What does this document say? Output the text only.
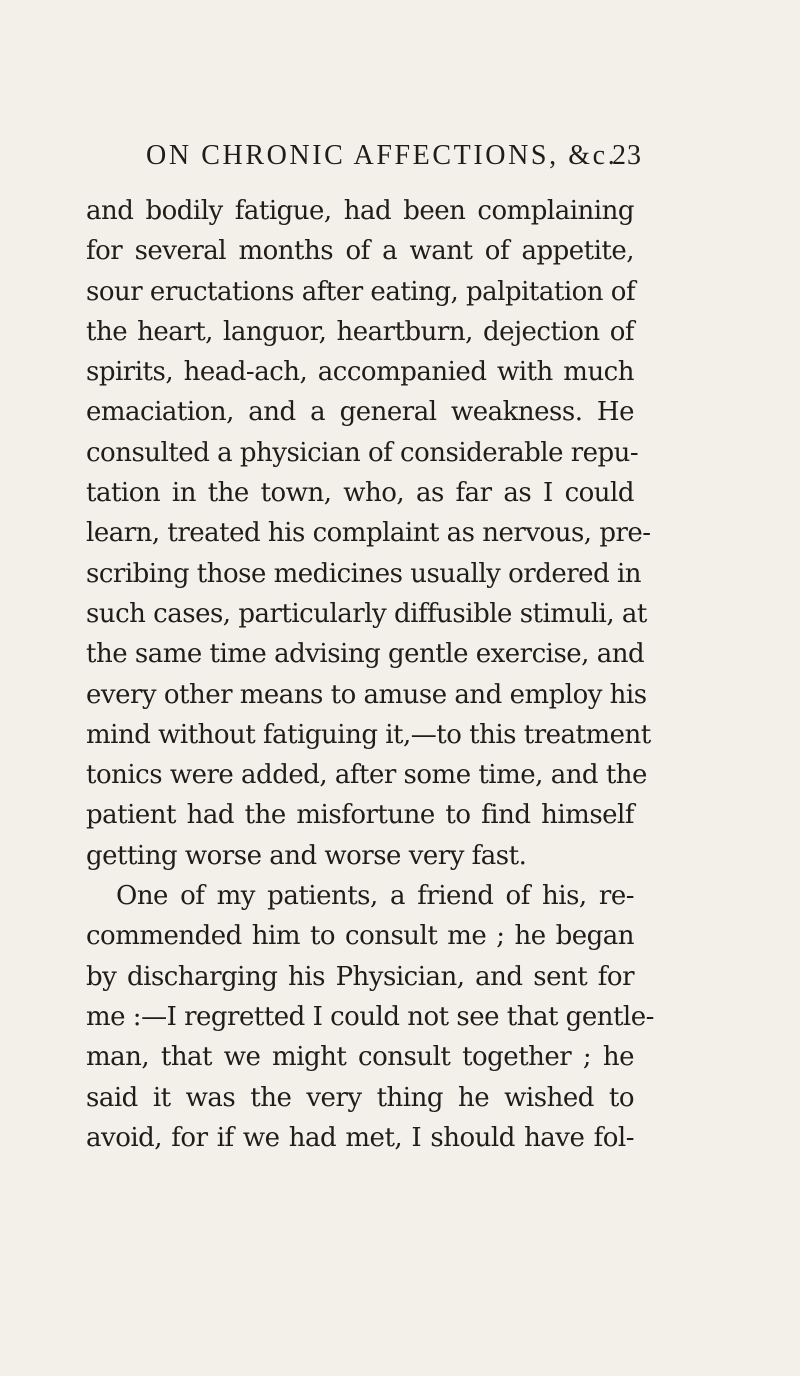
ON CHRONIC AFFECTIONS, &c.
23
and bodily fatigue, had been complaining
for several months of a want of appetite,
sour eructations after eating, palpitation of
the heart, languor, heartburn, dejection of
spirits, head-ach, accompanied with much
emaciation, and a general weakness. He
consulted a physician of considerable repu-
tation in the town, who, as far as I could
learn, treated his complaint as nervous, pre-
scribing those medicines usually ordered in
such cases, particularly diffusible stimuli, at
the same time advising gentle exercise, and
every other means to amuse and employ his
mind without fatiguing it,—to this treatment
tonics were added, after some time, and the
patient had the misfortune to find himself
getting worse and worse very fast.
One of my patients, a friend of his, re-
commended him to consult me ; he began
by discharging his Physician, and sent for
me :—I regretted I could not see that gentle-
man, that we might consult together ; he
said it was the very thing he wished to
avoid, for if we had met, I should have fol-
